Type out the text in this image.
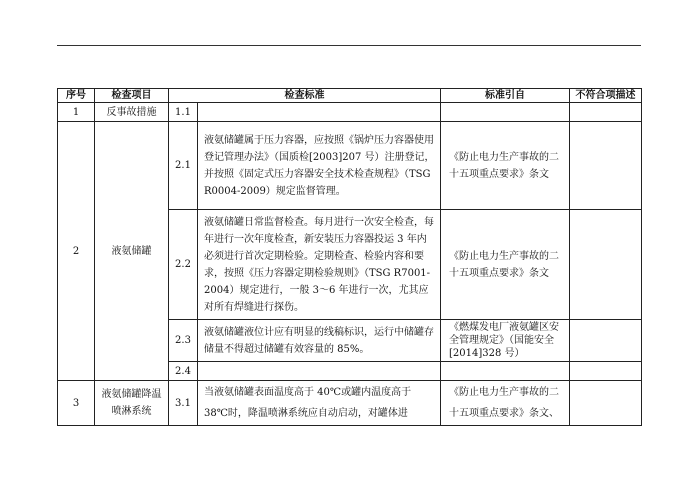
序号	检查项目	检查标准		标准引自	不符合项描述
1	反事故措施	1.1			
2	液氨储罐	2.1	液氨储罐属于压力容器，应按照《锅炉压力容器使用登记管理办法》（国质检[2003]207 号）注册登记，并按照《固定式压力容器安全技术检查规程》（TSG R0004-2009）规定监督管理。	《防止电力生产事故的二十五项重点要求》条文	
		2.2	液氨储罐日常监督检查。每月进行一次安全检查，每年进行一次年度检查，新安装压力容器投运 3 年内必须进行首次定期检验。定期检查、检验内容和要求，按照《压力容器定期检验规则》（TSG R7001-2004）规定进行，一般 3～6 年进行一次，尤其应对所有焊缝进行探伤。	《防止电力生产事故的二十五项重点要求》条文	
		2.3	液氨储罐液位计应有明显的线稿标识，运行中储罐存储量不得超过储罐有效容量的 85%。	《燃煤发电厂液氨罐区安全管理规定》（国能安全[2014]328 号）	
		2.4			
3	液氨储罐降温喷淋系统	3.1	当液氨储罐表面温度高于 40℃或罐内温度高于 38℃时，降温喷淋系统应自动启动，对罐体进	《防止电力生产事故的二十五项重点要求》条文、	
